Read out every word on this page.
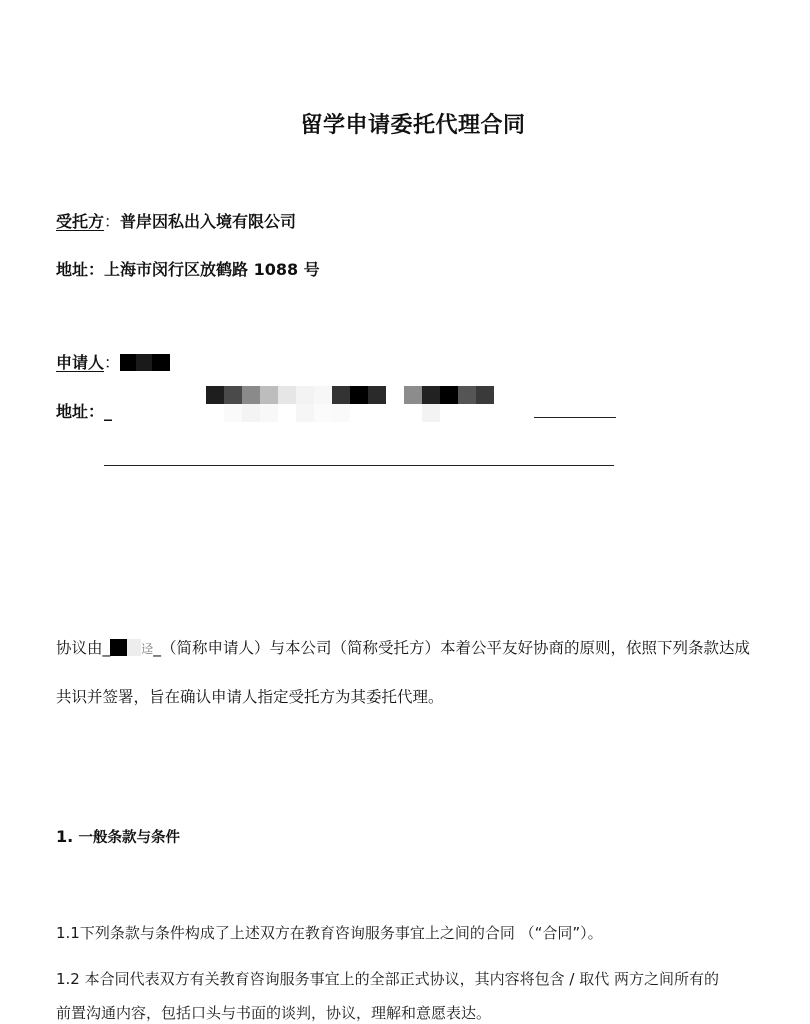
留学申请委托代理合同
受托方：普岸因私出入境有限公司
地址：上海市闵行区放鹤路 1088 号
申请人：
地址：_
协议由_	迳_（简称申请人）与本公司（简称受托方）本着公平友好协商的原则，依照下列条款达成
共识并签署，旨在确认申请人指定受托方为其委托代理。
1. 一般条款与条件
1.1下列条款与条件构成了上述双方在教育咨询服务事宜上之间的合同 （“合同”）。
1.2 本合同代表双方有关教育咨询服务事宜上的全部正式协议，其内容将包含 / 取代 两方之间所有的
前置沟通内容，包括口头与书面的谈判，协议，理解和意愿表达。
